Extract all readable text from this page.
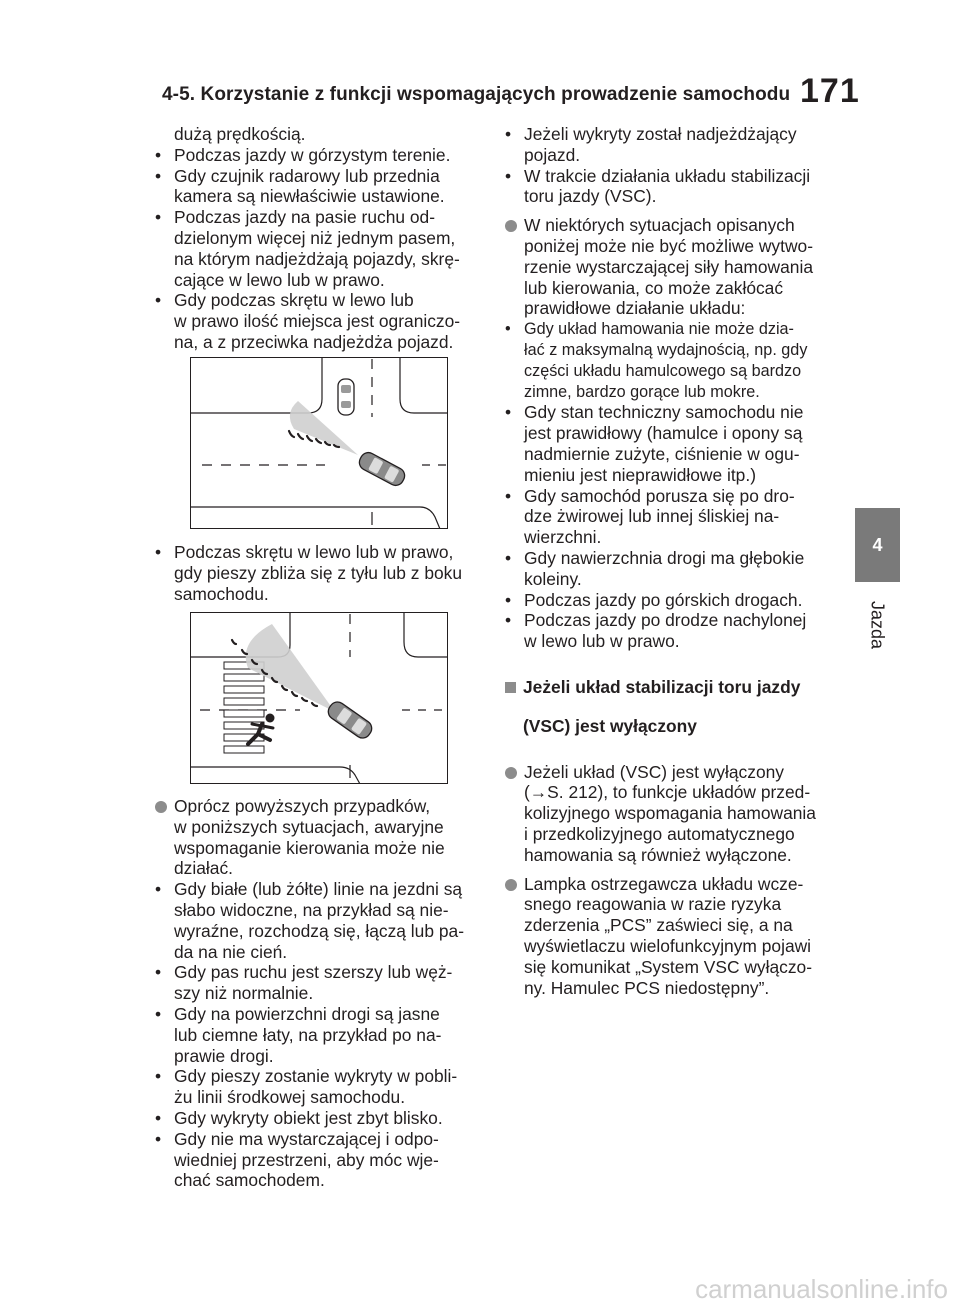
4-5. Korzystanie z funkcji wspomagających prowadzenie samochodu 171
4
Jazda

dużą prędkością.

• Podczas jazdy w górzystym terenie.

• Gdy czujnik radarowy lub przednia

kamera są niewłaściwie ustawione.

• Podczas jazdy na pasie ruchu od-

dzielonym więcej niż jednym pasem,

na którym nadjeżdżają pojazdy, skrę-

cające w lewo lub w prawo.

• Gdy podczas skrętu w lewo lub

w prawo ilość miejsca jest ograniczo-

na, a z przeciwka nadjeżdża pojazd.

• Podczas skrętu w lewo lub w prawo,

gdy pieszy zbliża się z tyłu lub z boku

samochodu.

Oprócz powyższych przypadków,

w poniższych sytuacjach, awaryjne

wspomaganie kierowania może nie

działać.

• Gdy białe (lub żółte) linie na jezdni są

słabo widoczne, na przykład są nie-

wyraźne, rozchodzą się, łączą lub pa-

da na nie cień.

• Gdy pas ruchu jest szerszy lub węż-

szy niż normalnie.

• Gdy na powierzchni drogi są jasne

lub ciemne łaty, na przykład po na-

prawie drogi.

• Gdy pieszy zostanie wykryty w pobli-

żu linii środkowej samochodu.

• Gdy wykryty obiekt jest zbyt blisko.

• Gdy nie ma wystarczającej i odpo-

wiedniej przestrzeni, aby móc wje-

chać samochodem.

• Jeżeli wykryty został nadjeżdżający

pojazd.

• W trakcie działania układu stabilizacji

toru jazdy (VSC).

W niektórych sytuacjach opisanych

poniżej może nie być możliwe wytwo-

rzenie wystarczającej siły hamowania

lub kierowania, co może zakłócać

prawidłowe działanie układu:

• Gdy układ hamowania nie może dzia-

łać z maksymalną wydajnością, np. gdy

części układu hamulcowego są bardzo

zimne, bardzo gorące lub mokre.

• Gdy stan techniczny samochodu nie

jest prawidłowy (hamulce i opony są

nadmiernie zużyte, ciśnienie w ogu-

mieniu jest nieprawidłowe itp.)

• Gdy samochód porusza się po dro-

dze żwirowej lub innej śliskiej na-

wierzchni.

• Gdy nawierzchnia drogi ma głębokie

koleiny.

• Podczas jazdy po górskich drogach.

• Podczas jazdy po drodze nachylonej

w lewo lub w prawo.

Jeżeli układ stabilizacji toru jazdy

(VSC) jest wyłączony

Jeżeli układ (VSC) jest wyłączony

(→S. 212), to funkcje układów przed-

kolizyjnego wspomagania hamowania

i przedkolizyjnego automatycznego

hamowania są również wyłączone.

Lampka ostrzegawcza układu wcze-

snego reagowania w razie ryzyka

zderzenia „PCS” zaświeci się, a na

wyświetlaczu wielofunkcyjnym pojawi

się komunikat „System VSC wyłączo-

ny. Hamulec PCS niedostępny”.

carmanualsonline.info
